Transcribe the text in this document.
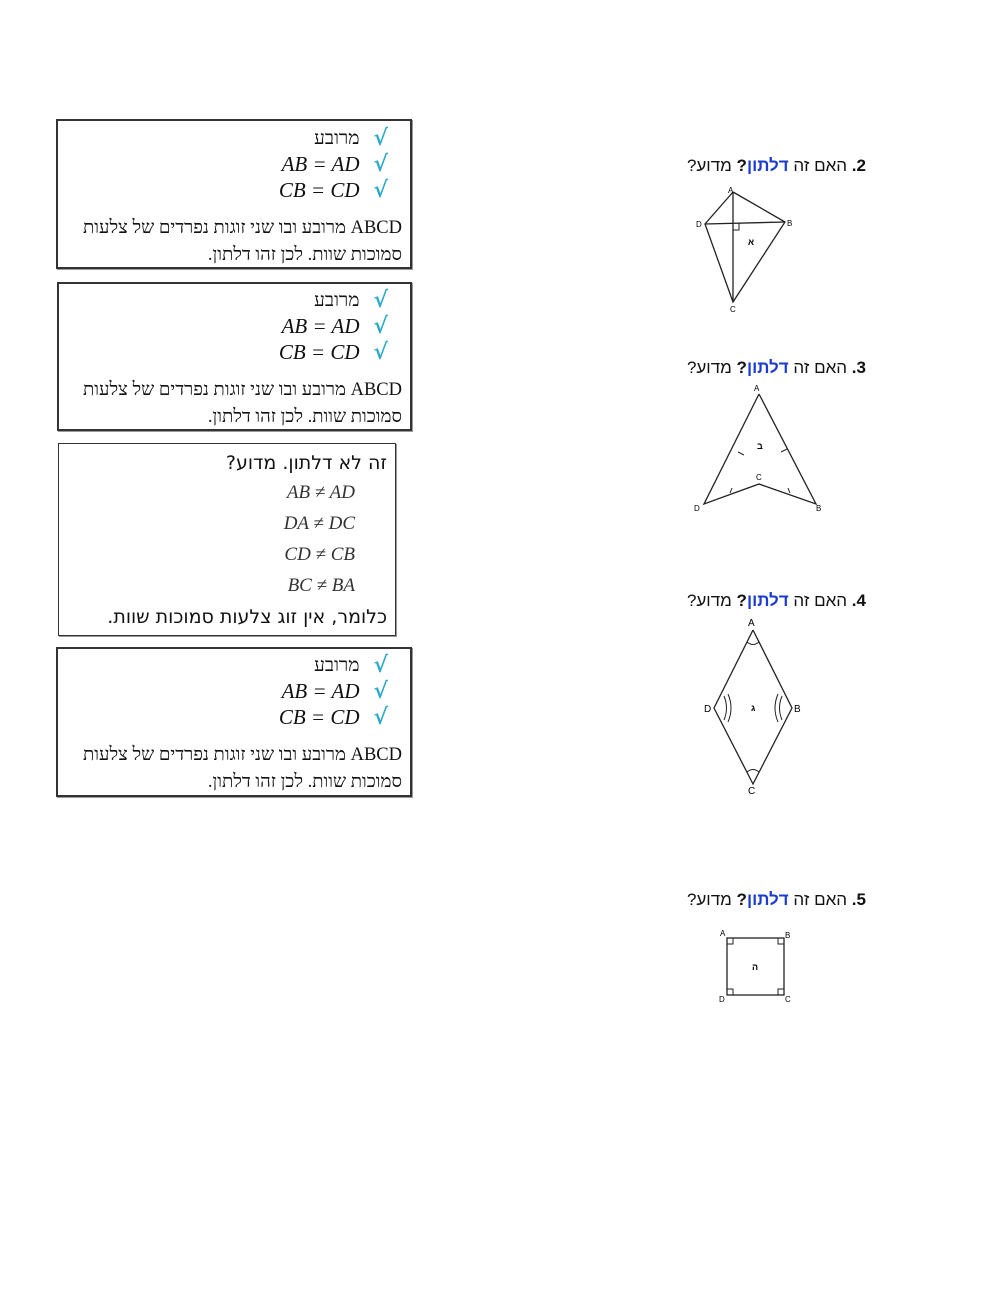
מרובע √
AB = AD √
CB = CD √
ABCD מרובע ובו שני זוגות נפרדים של צלעות סמוכות שוות. לכן זהו דלתון.
מרובע √
AB = AD √
CB = CD √
ABCD מרובע ובו שני זוגות נפרדים של צלעות סמוכות שוות. לכן זהו דלתון.
זה לא דלתון. מדוע?
AB ≠ AD
DA ≠ DC
CD ≠ CB
BC ≠ BA
כלומר, אין זוג צלעות סמוכות שוות.
מרובע √
AB = AD √
CB = CD √
ABCD מרובע ובו שני זוגות נפרדים של צלעות סמוכות שוות. לכן זהו דלתון.
2. האם זה דלתון? מדוע?
A
B
C
D
א
3. האם זה דלתון? מדוע?
A
B
C
D
ב
4. האם זה דלתון? מדוע?
A
B
C
D	ג
5. האם זה דלתון? מדוע?
A	B
C
D
ה
